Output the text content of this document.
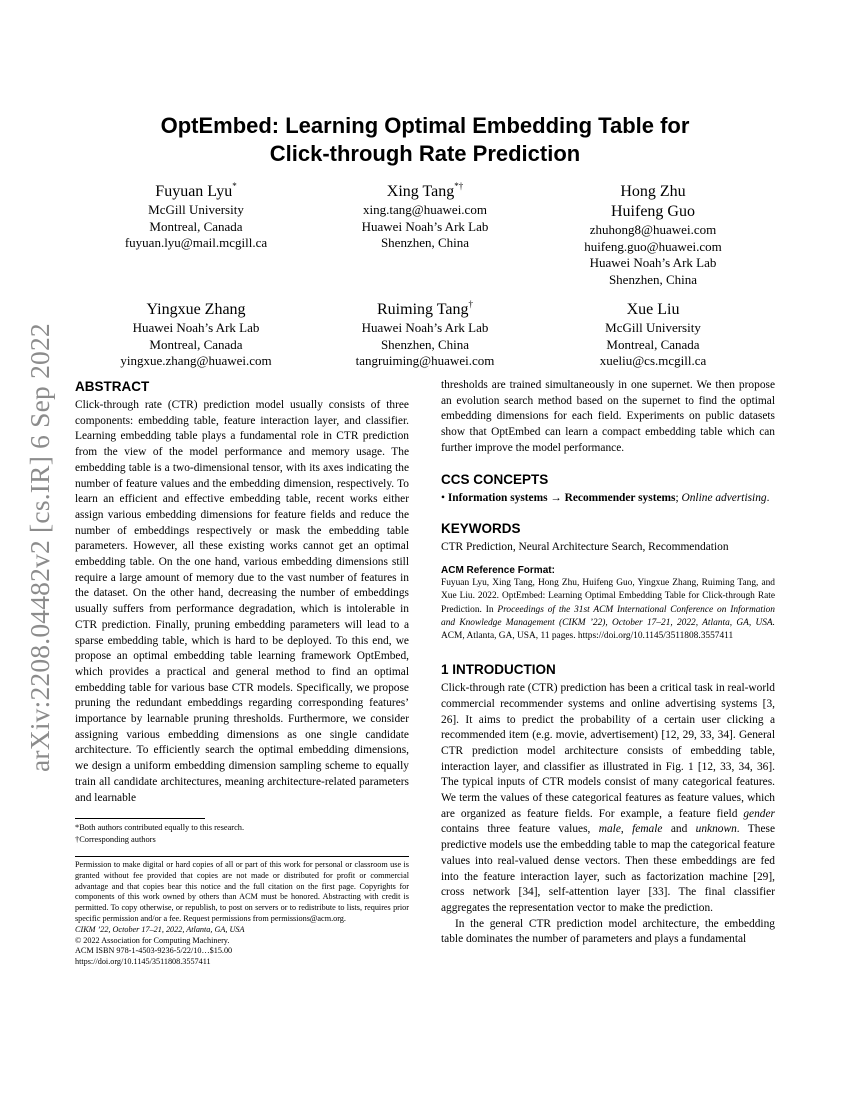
arXiv:2208.04482v2 [cs.IR] 6 Sep 2022
OptEmbed: Learning Optimal Embedding Table for
Click-through Rate Prediction
Fuyuan Lyu*
McGill University
Montreal, Canada
fuyuan.lyu@mail.mcgill.ca
Xing Tang*†
xing.tang@huawei.com
Huawei Noah’s Ark Lab
Shenzhen, China
Hong Zhu
Huifeng Guo
zhuhong8@huawei.com
huifeng.guo@huawei.com
Huawei Noah’s Ark Lab
Shenzhen, China
Yingxue Zhang
Huawei Noah’s Ark Lab
Montreal, Canada
yingxue.zhang@huawei.com
Ruiming Tang†
Huawei Noah’s Ark Lab
Shenzhen, China
tangruiming@huawei.com
Xue Liu
McGill University
Montreal, Canada
xueliu@cs.mcgill.ca
ABSTRACT

Click-through rate (CTR) prediction model usually consists of three components: embedding table, feature interaction layer, and classifier. Learning embedding table plays a fundamental role in CTR prediction from the view of the model performance and memory usage. The embedding table is a two-dimensional tensor, with its axes indicating the number of feature values and the embedding dimension, respectively. To learn an efficient and effective embedding table, recent works either assign various embedding dimensions for feature fields and reduce the number of embeddings respectively or mask the embedding table parameters. However, all these existing works cannot get an optimal embedding table. On the one hand, various embedding dimensions still require a large amount of memory due to the vast number of features in the dataset. On the other hand, decreasing the number of embeddings usually suffers from performance degradation, which is intolerable in CTR prediction. Finally, pruning embedding parameters will lead to a sparse embedding table, which is hard to be deployed. To this end, we propose an optimal embedding table learning framework OptEmbed, which provides a practical and general method to find an optimal embedding table for various base CTR models. Specifically, we propose pruning the redundant embeddings regarding corresponding features’ importance by learnable pruning thresholds. Furthermore, we consider assigning various embedding dimensions as one single candidate architecture. To efficiently search the optimal embedding dimensions, we design a uniform embedding dimension sampling scheme to equally train all candidate architectures, meaning architecture-related parameters and learnable

*Both authors contributed equally to this research.
†Corresponding authors
Permission to make digital or hard copies of all or part of this work for personal or classroom use is granted without fee provided that copies are not made or distributed for profit or commercial advantage and that copies bear this notice and the full citation on the first page. Copyrights for components of this work owned by others than ACM must be honored. Abstracting with credit is permitted. To copy otherwise, or republish, to post on servers or to redistribute to lists, requires prior specific permission and/or a fee. Request permissions from permissions@acm.org.
CIKM ’22, October 17–21, 2022, Atlanta, GA, USA
© 2022 Association for Computing Machinery.
ACM ISBN 978-1-4503-9236-5/22/10…$15.00
https://doi.org/10.1145/3511808.3557411

thresholds are trained simultaneously in one supernet. We then propose an evolution search method based on the supernet to find the optimal embedding dimensions for each field. Experiments on public datasets show that OptEmbed can learn a compact embedding table which can further improve the model performance.

CCS CONCEPTS

• Information systems → Recommender systems; Online advertising.

KEYWORDS

CTR Prediction, Neural Architecture Search, Recommendation

ACM Reference Format:
Fuyuan Lyu, Xing Tang, Hong Zhu, Huifeng Guo, Yingxue Zhang, Ruiming Tang, and Xue Liu. 2022. OptEmbed: Learning Optimal Embedding Table for Click-through Rate Prediction. In Proceedings of the 31st ACM International Conference on Information and Knowledge Management (CIKM ’22), October 17–21, 2022, Atlanta, GA, USA. ACM, Atlanta, GA, USA, 11 pages. https://doi.org/10.1145/3511808.3557411
1 INTRODUCTION

Click-through rate (CTR) prediction has been a critical task in real-world commercial recommender systems and online advertising systems [3, 26]. It aims to predict the probability of a certain user clicking a recommended item (e.g. movie, advertisement) [12, 29, 33, 34]. General CTR prediction model architecture consists of embedding table, interaction layer, and classifier as illustrated in Fig. 1 [12, 33, 34, 36]. The typical inputs of CTR models consist of many categorical features. We term the values of these categorical features as feature values, which are organized as feature fields. For example, a feature field gender contains three feature values, male, female and unknown. These predictive models use the embedding table to map the categorical feature values into real-valued dense vectors. Then these embeddings are fed into the feature interaction layer, such as factorization machine [29], cross network [34], self-attention layer [33]. The final classifier aggregates the representation vector to make the prediction.

In the general CTR prediction model architecture, the embedding table dominates the number of parameters and plays a fundamental
